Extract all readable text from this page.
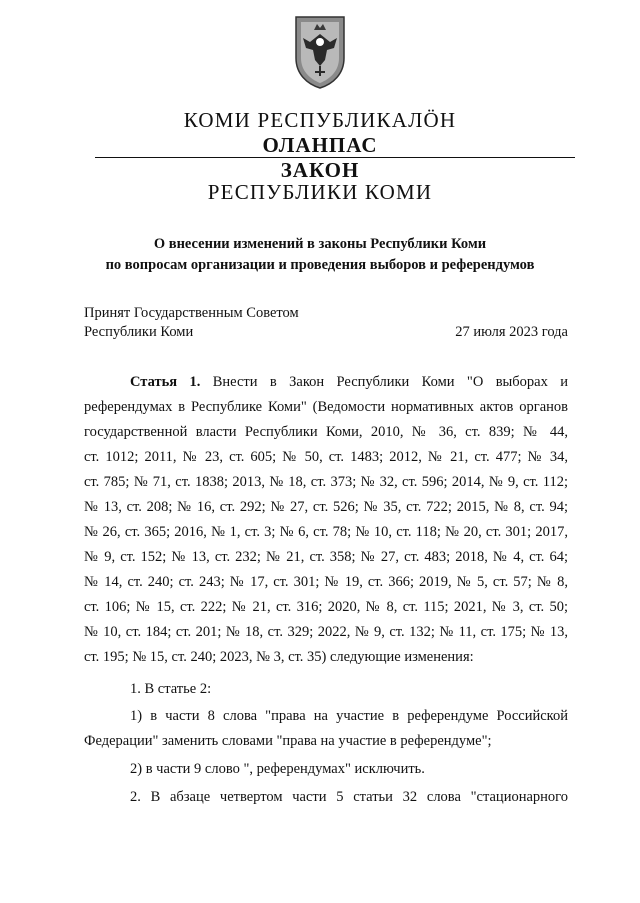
КОМИ РЕСПУБЛИКАЛÖН
ОЛАНПАС
ЗАКОН
РЕСПУБЛИКИ КОМИ
О внесении изменений в законы Республики Коми
по вопросам организации и проведения выборов и референдумов
Принят Государственным Советом
Республики Коми	27 июля 2023 года
Статья 1. Внести в Закон Республики Коми "О выборах и
референдумах в Республике Коми" (Ведомости нормативных актов органов
государственной власти Республики Коми, 2010, № 36, ст. 839; № 44,
ст. 1012; 2011, № 23, ст. 605; № 50, ст. 1483; 2012, № 21, ст. 477; № 34,
ст. 785; № 71, ст. 1838; 2013, № 18, ст. 373; № 32, ст. 596; 2014, № 9, ст. 112;
№ 13, ст. 208; № 16, ст. 292; № 27, ст. 526; № 35, ст. 722; 2015, № 8, ст. 94;
№ 26, ст. 365; 2016, № 1, ст. 3; № 6, ст. 78; № 10, ст. 118; № 20, ст. 301; 2017,
№ 9, ст. 152; № 13, ст. 232; № 21, ст. 358; № 27, ст. 483; 2018, № 4, ст. 64;
№ 14, ст. 240; ст. 243; № 17, ст. 301; № 19, ст. 366; 2019, № 5, ст. 57; № 8,
ст. 106; № 15, ст. 222; № 21, ст. 316; 2020, № 8, ст. 115; 2021, № 3, ст. 50;
№ 10, ст. 184; ст. 201; № 18, ст. 329; 2022, № 9, ст. 132; № 11, ст. 175; № 13,
ст. 195; № 15, ст. 240; 2023, № 3, ст. 35) следующие изменения:
1. В статье 2:
1) в части 8 слова "права на участие в референдуме Российской
Федерации" заменить словами "права на участие в референдуме";
2) в части 9 слово ", референдумах" исключить.
2. В абзаце четвертом части 5 статьи 32 слова "стационарного
